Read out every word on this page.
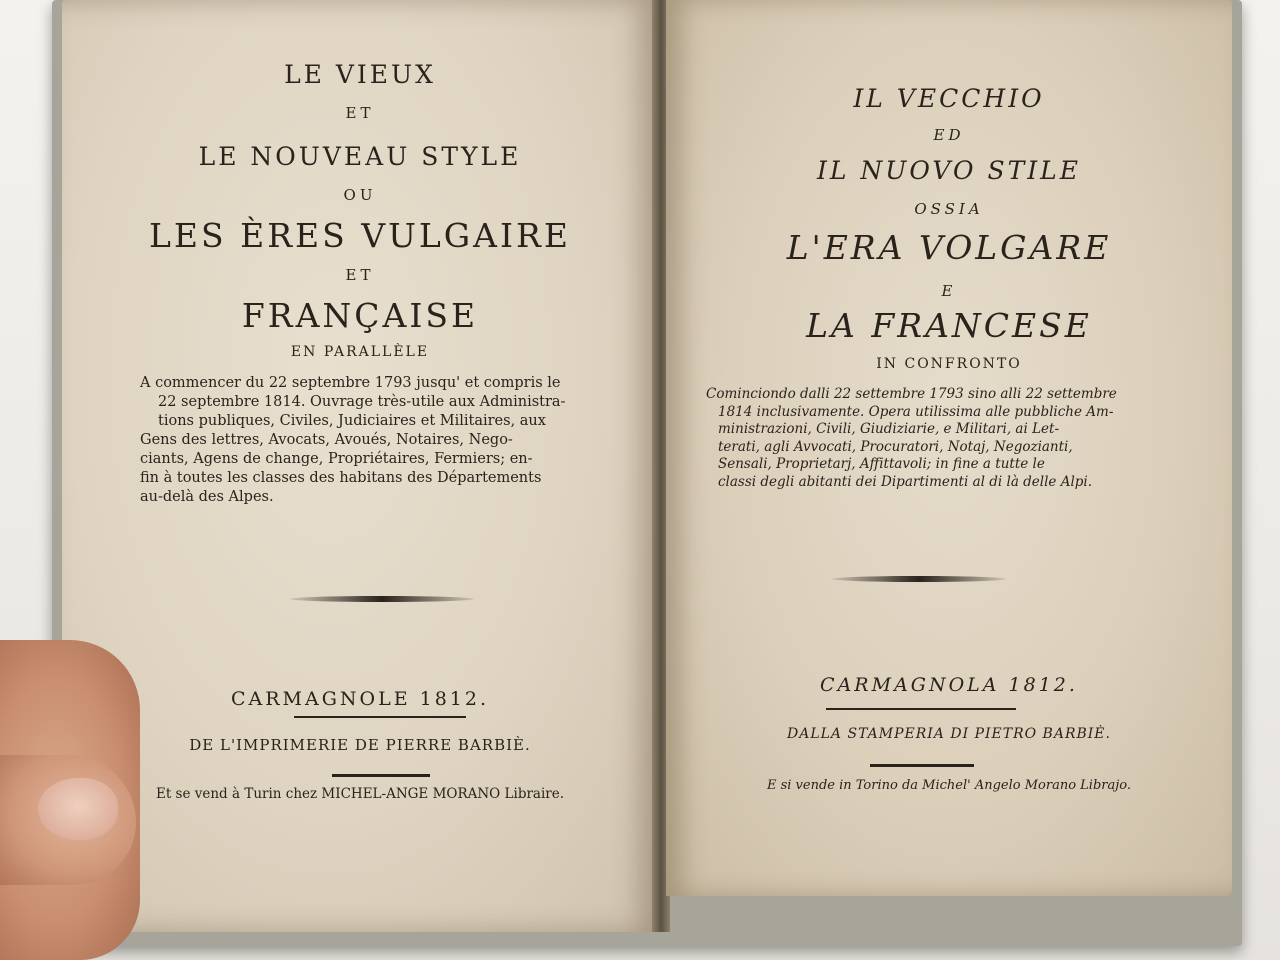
LE VIEUX
ET
LE NOUVEAU STYLE
OU
LES ÈRES VULGAIRE
ET
FRANÇAISE
EN PARALLÈLE
A commencer du 22 septembre 1793 jusqu' et compris le
22 septembre 1814. Ouvrage très-utile aux Administra-
tions publiques, Civiles, Judiciaires et Militaires, aux
Gens des lettres, Avocats, Avoués, Notaires, Nego-
ciants, Agens de change, Propriétaires, Fermiers; en-
fin à toutes les classes des habitans des Départements
au-delà des Alpes.
CARMAGNOLE 1812.
DE L'IMPRIMERIE DE PIERRE BARBIÈ.
Et se vend à Turin chez MICHEL-ANGE MORANO Libraire.
IL VECCHIO
ED
IL NUOVO STILE
OSSIA
L'ERA VOLGARE
E
LA FRANCESE
IN CONFRONTO
Cominciondo dalli 22 settembre 1793 sino alli 22 settembre
1814 inclusivamente. Opera utilissima alle pubbliche Am-
ministrazioni, Civili, Giudiziarie, e Militari, ai Let-
terati, agli Avvocati, Procuratori, Notaj, Negozianti,
Sensali, Proprietarj, Affittavoli; in fine a tutte le
classi degli abitanti dei Dipartimenti al di là delle Alpi.
CARMAGNOLA 1812.
DALLA STAMPERIA DI PIETRO BARBIÈ.
E si vende in Torino da Michel' Angelo Morano Librajo.
